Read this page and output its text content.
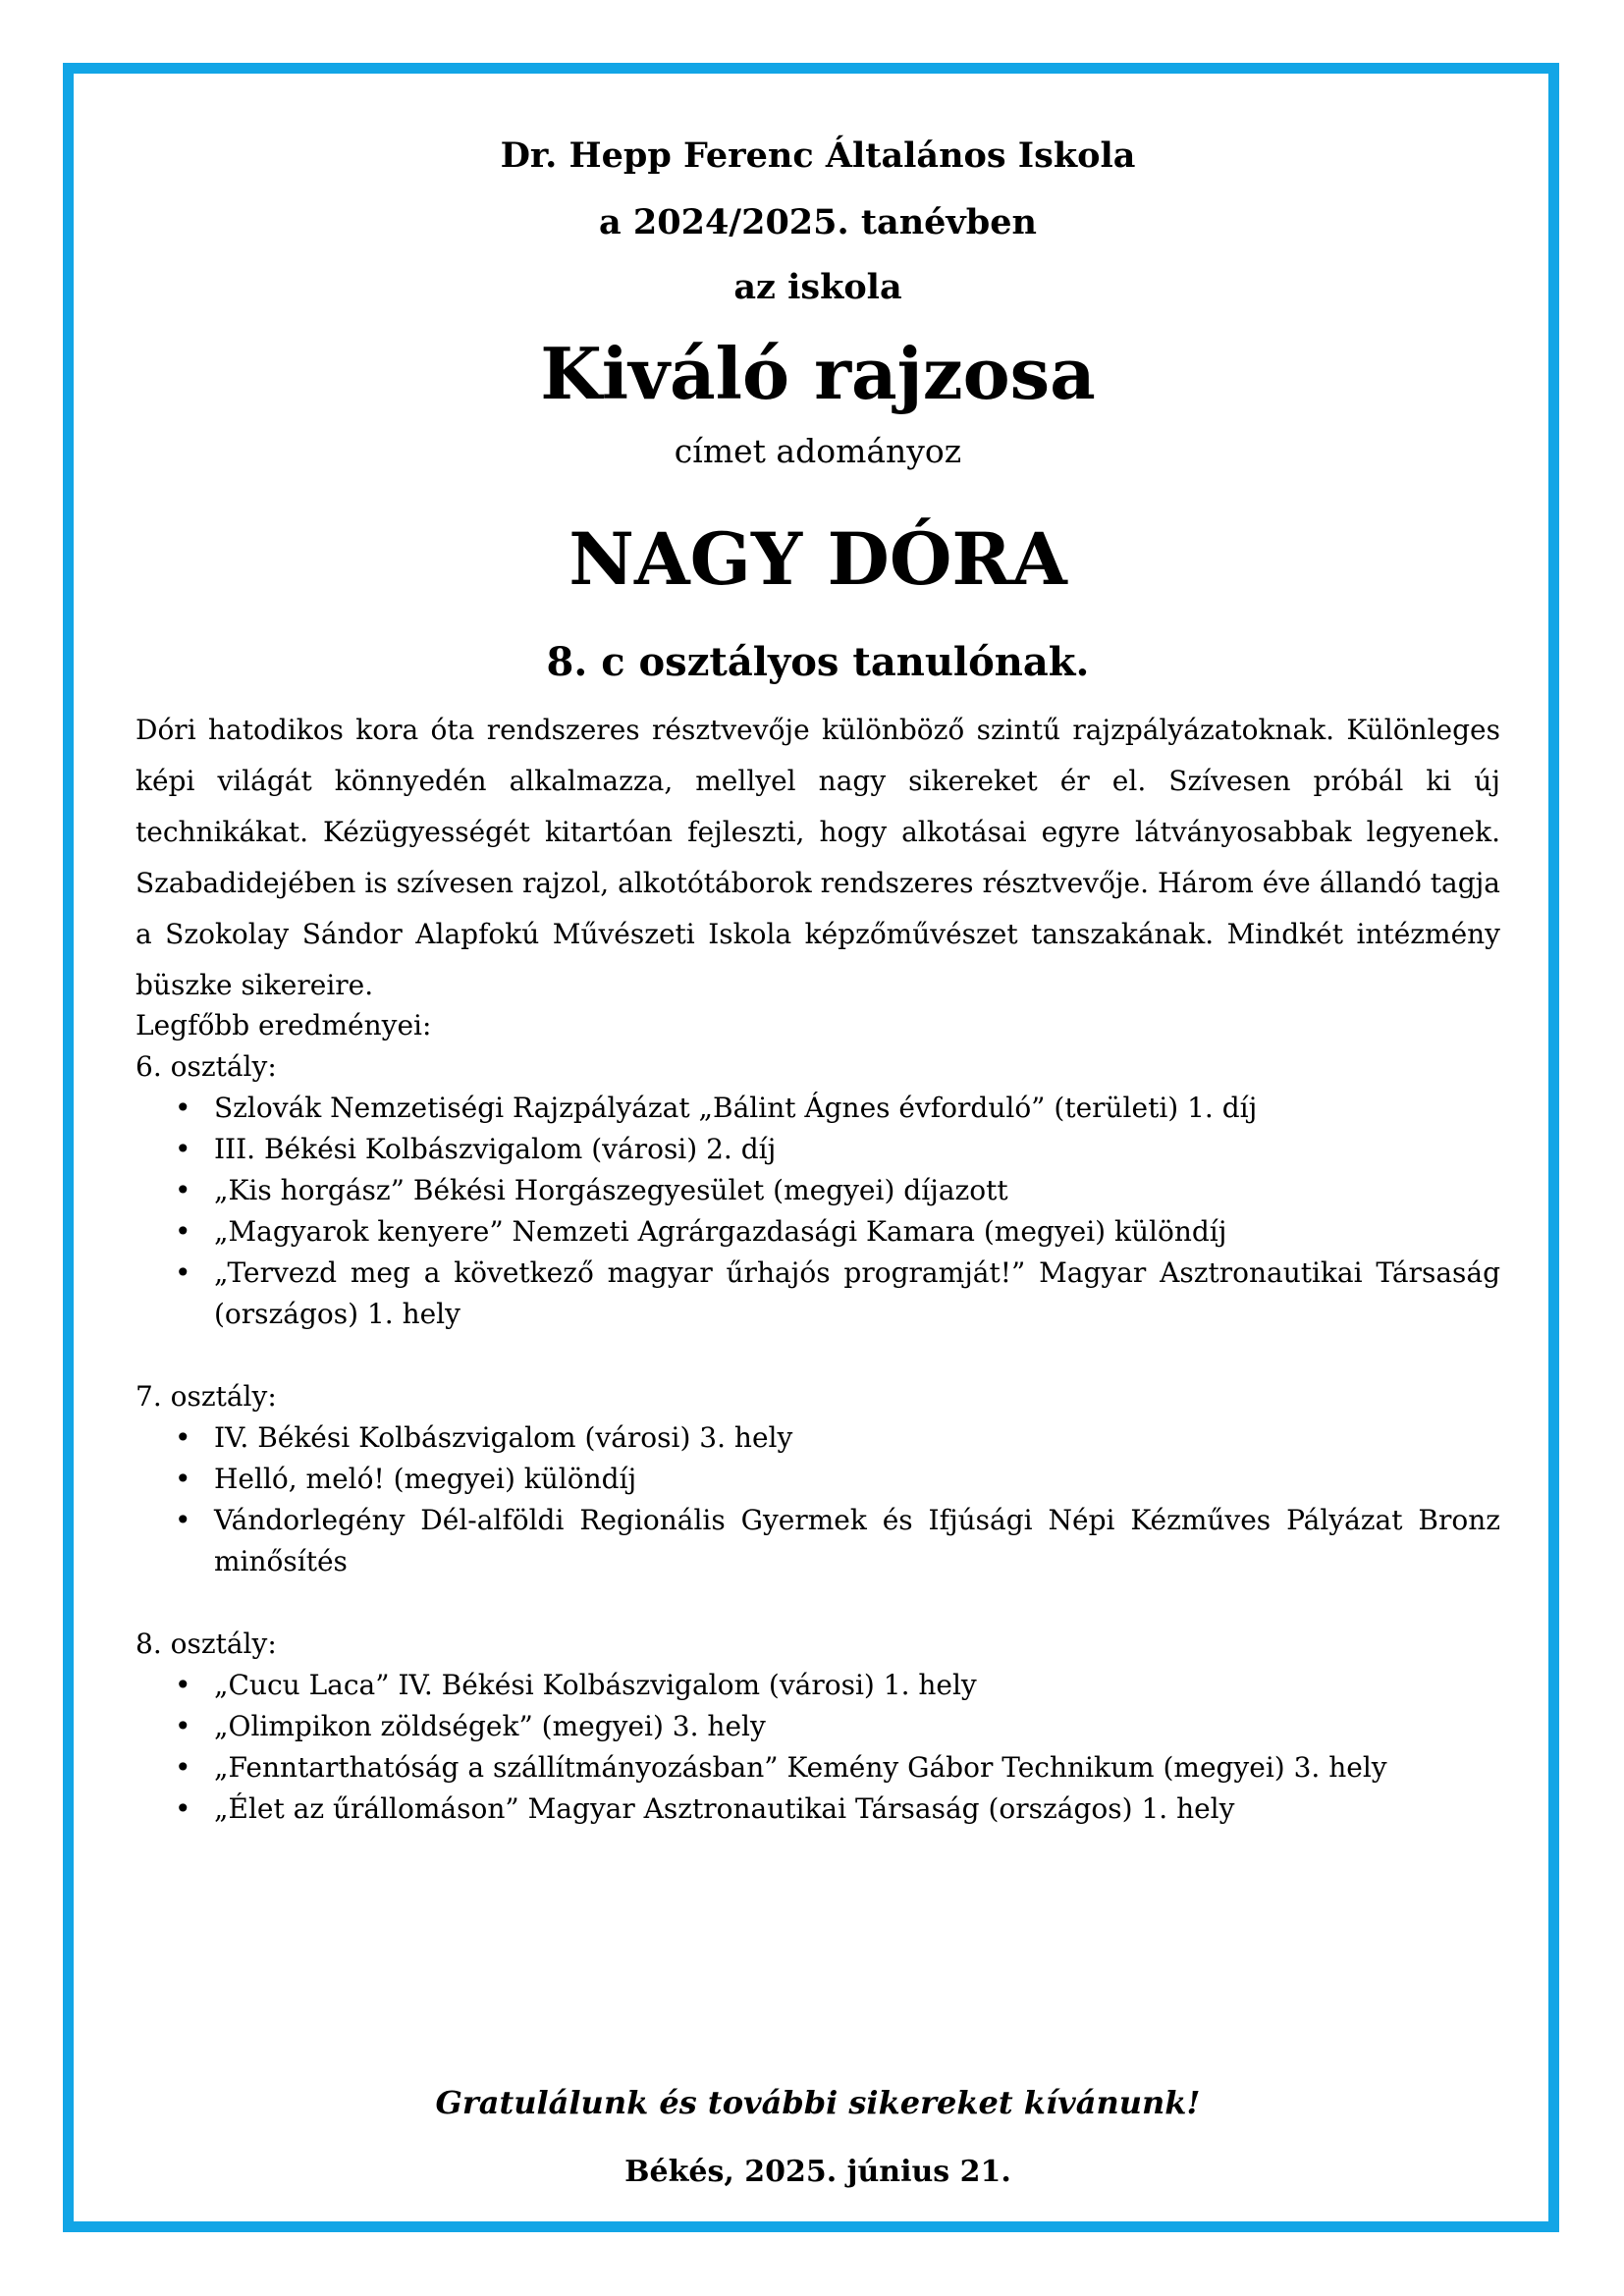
Dr. Hepp Ferenc Általános Iskola

a 2024/2025. tanévben

az iskola

Kiváló rajzosa

címet adományoz

NAGY DÓRA

8. c osztályos tanulónak.

Dóri hatodikos kora óta rendszeres résztvevője különböző szintű rajzpályázatoknak. Különleges képi világát könnyedén alkalmazza, mellyel nagy sikereket ér el. Szívesen próbál ki új technikákat. Kézügyességét kitartóan fejleszti, hogy alkotásai egyre látványosabbak legyenek. Szabadidejében is szívesen rajzol, alkotótáborok rendszeres résztvevője. Három éve állandó tagja a Szokolay Sándor Alapfokú Művészeti Iskola képzőművészet tanszakának. Mindkét intézmény büszke sikereire.

Legfőbb eredményei:

6. osztály:

• Szlovák Nemzetiségi Rajzpályázat „Bálint Ágnes évforduló” (területi) 1. díj
• III. Békési Kolbászvigalom (városi) 2. díj
• „Kis horgász” Békési Horgászegyesület (megyei) díjazott
• „Magyarok kenyere” Nemzeti Agrárgazdasági Kamara (megyei) különdíj
• „Tervezd meg a következő magyar űrhajós programját!” Magyar Asztronautikai Társaság (országos) 1. hely

7. osztály:

• IV. Békési Kolbászvigalom (városi) 3. hely
• Helló, meló! (megyei) különdíj
• Vándorlegény Dél-alföldi Regionális Gyermek és Ifjúsági Népi Kézműves Pályázat Bronz minősítés

8. osztály:

• „Cucu Laca” IV. Békési Kolbászvigalom (városi) 1. hely
• „Olimpikon zöldségek” (megyei) 3. hely
• „Fenntarthatóság a szállítmányozásban” Kemény Gábor Technikum (megyei) 3. hely
• „Élet az űrállomáson” Magyar Asztronautikai Társaság (országos) 1. hely

Gratulálunk és további sikereket kívánunk!

Békés, 2025. június 21.
